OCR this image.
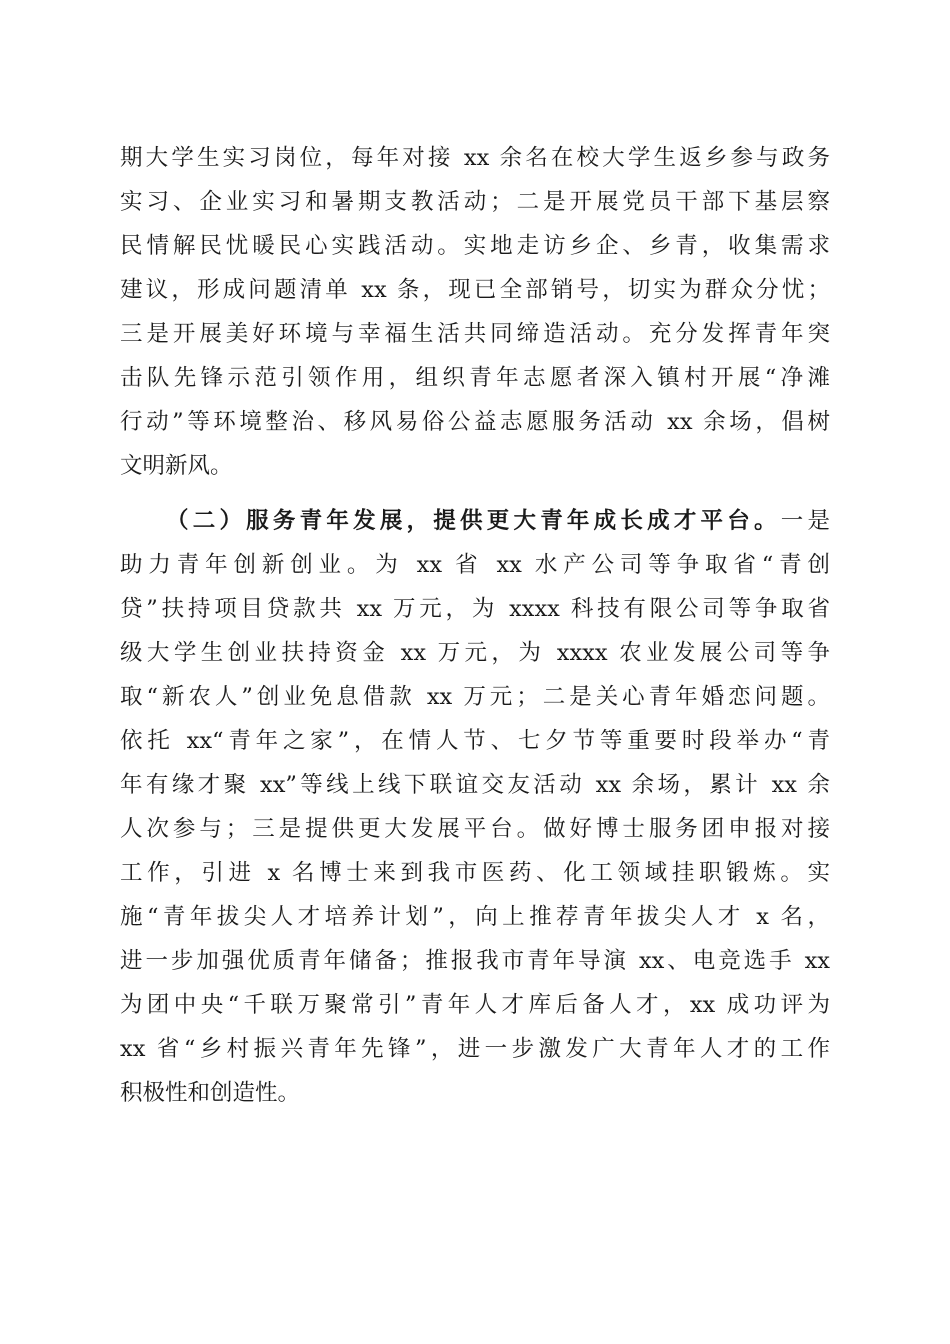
期大学生实习岗位，每年对接 xx 余名在校大学生返乡参与政务
实习、企业实习和暑期支教活动；二是开展党员干部下基层察
民情解民忧暖民心实践活动。实地走访乡企、乡青，收集需求
建议，形成问题清单 xx 条，现已全部销号，切实为群众分忧；
三是开展美好环境与幸福生活共同缔造活动。充分发挥青年突
击队先锋示范引领作用，组织青年志愿者深入镇村开展“净滩
行动”等环境整治、移风易俗公益志愿服务活动 xx 余场，倡树
文明新风。
（二）服务青年发展，提供更大青年成长成才平台。一是
助力青年创新创业。为 xx 省 xx 水产公司等争取省“青创
贷”扶持项目贷款共 xx 万元，为 xxxx 科技有限公司等争取省
级大学生创业扶持资金 xx 万元，为 xxxx 农业发展公司等争
取“新农人”创业免息借款 xx 万元；二是关心青年婚恋问题。
依托 xx“青年之家”，在情人节、七夕节等重要时段举办“青
年有缘才聚 xx”等线上线下联谊交友活动 xx 余场，累计 xx 余
人次参与；三是提供更大发展平台。做好博士服务团申报对接
工作，引进 x 名博士来到我市医药、化工领域挂职锻炼。实
施“青年拔尖人才培养计划”，向上推荐青年拔尖人才 x 名，
进一步加强优质青年储备；推报我市青年导演 xx、电竞选手 xx
为团中央“千联万聚常引”青年人才库后备人才，xx 成功评为
xx 省“乡村振兴青年先锋”，进一步激发广大青年人才的工作
积极性和创造性。
